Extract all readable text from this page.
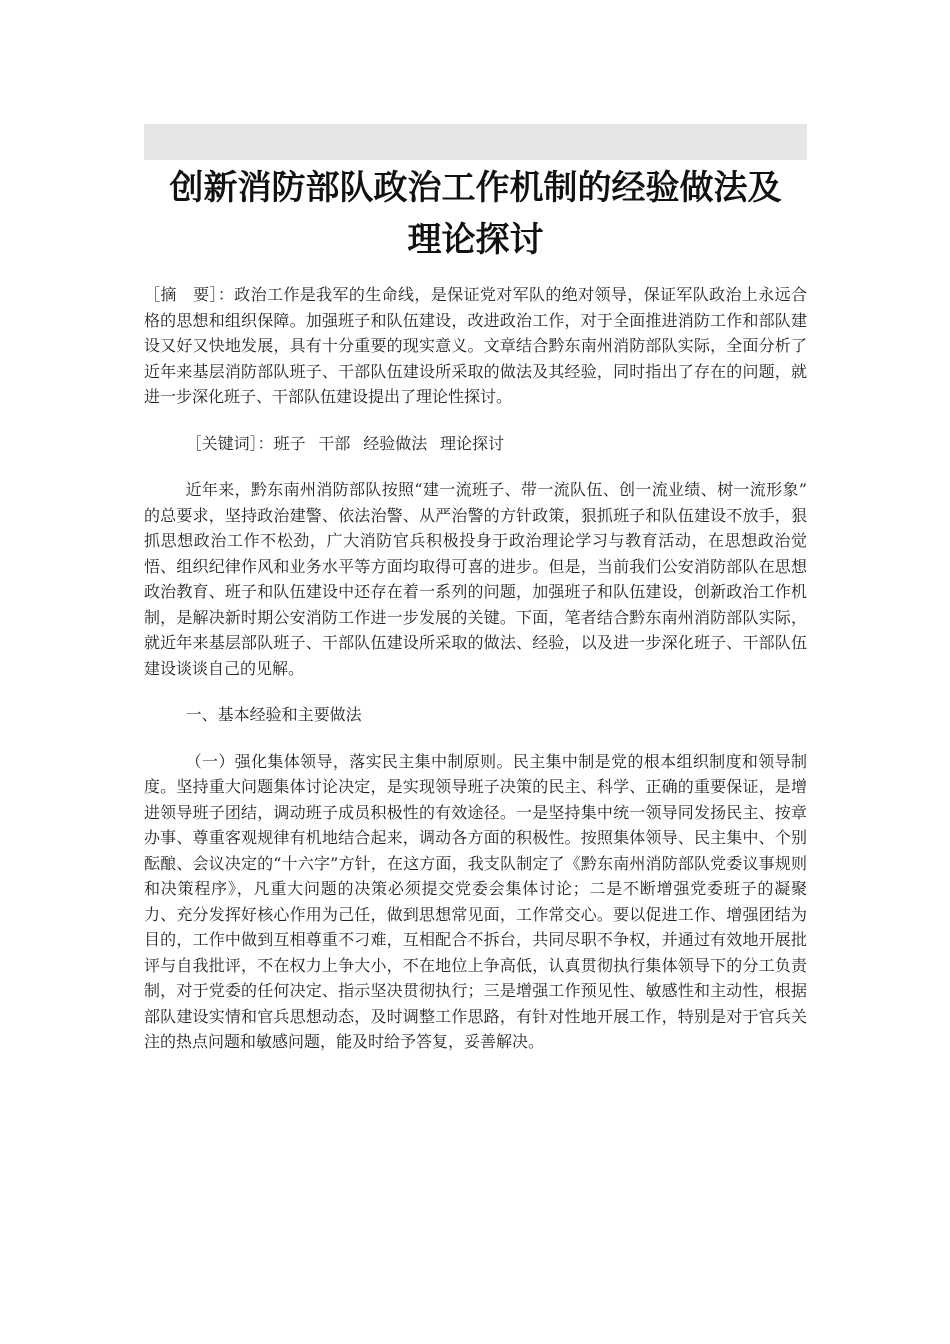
创新消防部队政治工作机制的经验做法及
理论探讨

［摘　要］：政治工作是我军的生命线，是保证党对军队的绝对领导，保证军队政治上永远合格的思想和组织保障。加强班子和队伍建设，改进政治工作，对于全面推进消防工作和部队建设又好又快地发展，具有十分重要的现实意义。文章结合黔东南州消防部队实际，全面分析了近年来基层消防部队班子、干部队伍建设所采取的做法及其经验，同时指出了存在的问题，就进一步深化班子、干部队伍建设提出了理论性探讨。

［关键词］：班子 干部 经验做法 理论探讨

近年来，黔东南州消防部队按照“建一流班子、带一流队伍、创一流业绩、树一流形象”　的总要求，坚持政治建警、依法治警、从严治警的方针政策，狠抓班子和队伍建设不放手，狠抓思想政治工作不松劲，广大消防官兵积极投身于政治理论学习与教育活动，在思想政治觉悟、组织纪律作风和业务水平等方面均取得可喜的进步。但是，当前我们公安消防部队在思想政治教育、班子和队伍建设中还存在着一系列的问题，加强班子和队伍建设，创新政治工作机制，是解决新时期公安消防工作进一步发展的关键。下面，笔者结合黔东南州消防部队实际，就近年来基层部队班子、干部队伍建设所采取的做法、经验，以及进一步深化班子、干部队伍建设谈谈自己的见解。

一、基本经验和主要做法

（一）强化集体领导，落实民主集中制原则。民主集中制是党的根本组织制度和领导制度。坚持重大问题集体讨论决定，是实现领导班子决策的民主、科学、正确的重要保证，是增进领导班子团结，调动班子成员积极性的有效途径。一是坚持集中统一领导同发扬民主、按章办事、尊重客观规律有机地结合起来，调动各方面的积极性。按照集体领导、民主集中、个别酝酿、会议决定的“十六字”方针，在这方面，我支队制定了《黔东南州消防部队党委议事规则和决策程序》，凡重大问题的决策必须提交党委会集体讨论；二是不断增强党委班子的凝聚力、充分发挥好核心作用为己任，做到思想常见面，工作常交心。要以促进工作、增强团结为目的，工作中做到互相尊重不刁难，互相配合不拆台，共同尽职不争权，并通过有效地开展批评与自我批评，不在权力上争大小，不在地位上争高低，认真贯彻执行集体领导下的分工负责制，对于党委的任何决定、指示坚决贯彻执行；三是增强工作预见性、敏感性和主动性，根据部队建设实情和官兵思想动态，及时调整工作思路，有针对性地开展工作，特别是对于官兵关注的热点问题和敏感问题，能及时给予答复，妥善解决。
